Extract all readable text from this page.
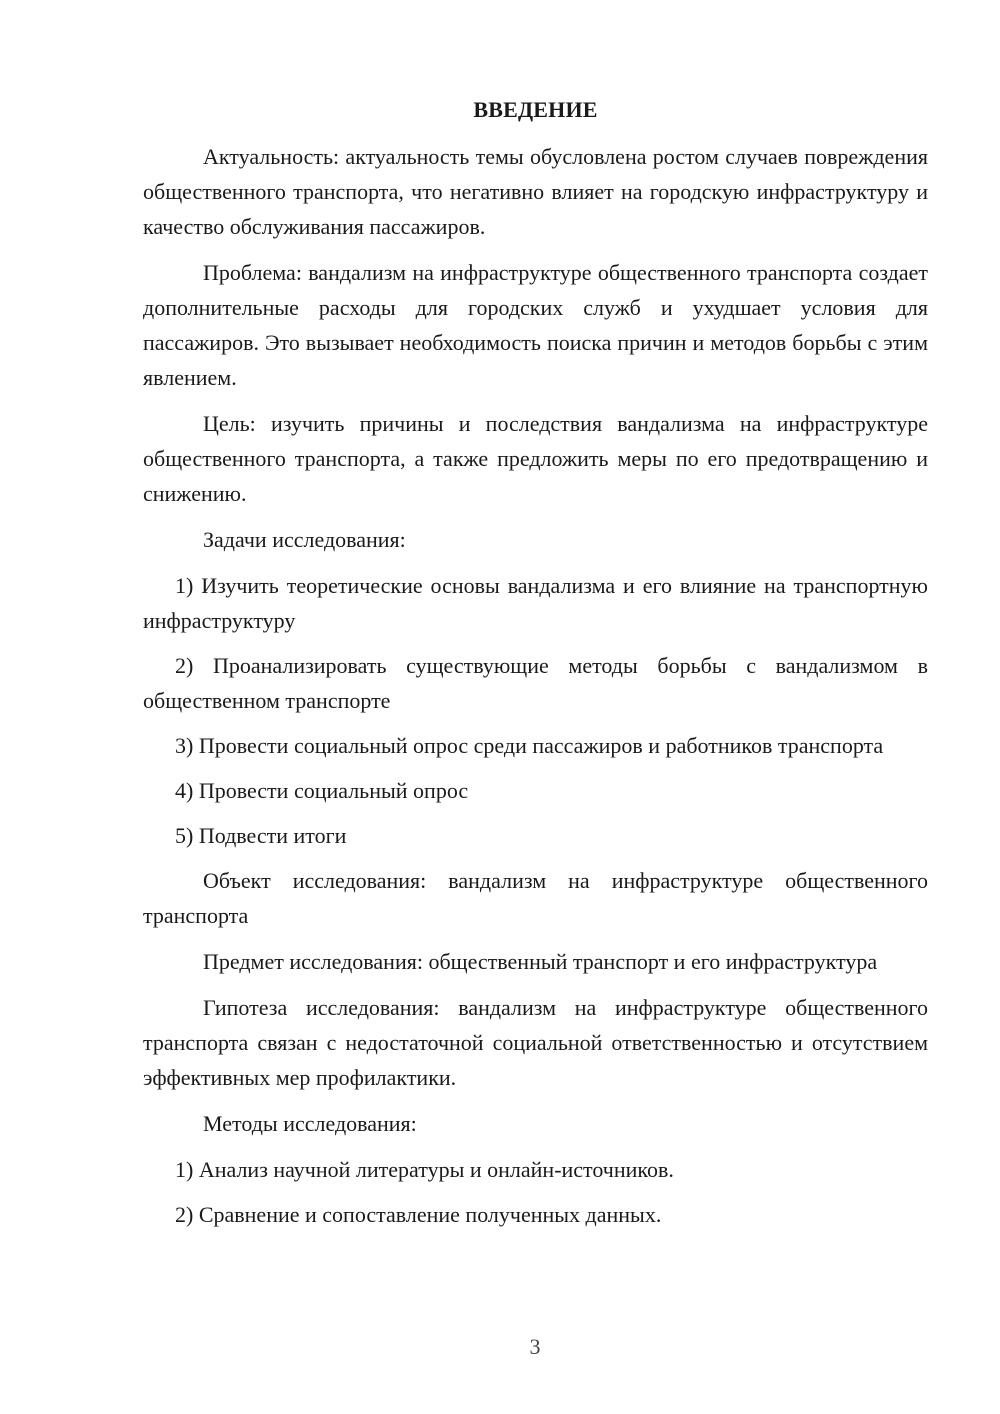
ВВЕДЕНИЕ

Актуальность: актуальность темы обусловлена ростом случаев повреждения общественного транспорта, что негативно влияет на городскую инфраструктуру и качество обслуживания пассажиров.

Проблема: вандализм на инфраструктуре общественного транспорта создает дополнительные расходы для городских служб и ухудшает условия для пассажиров. Это вызывает необходимость поиска причин и методов борьбы с этим явлением.

Цель: изучить причины и последствия вандализма на инфраструктуре общественного транспорта, а также предложить меры по его предотвращению и снижению.

Задачи исследования:

1) Изучить теоретические основы вандализма и его влияние на транспортную инфраструктуру

2) Проанализировать существующие методы борьбы с вандализмом в общественном транспорте

3) Провести социальный опрос среди пассажиров и работников транспорта

4) Провести социальный опрос

5) Подвести итоги

Объект исследования: вандализм на инфраструктуре общественного транспорта

Предмет исследования: общественный транспорт и его инфраструктура

Гипотеза исследования: вандализм на инфраструктуре общественного транспорта связан с недостаточной социальной ответственностью и отсутствием эффективных мер профилактики.

Методы исследования:

1) Анализ научной литературы и онлайн-источников.

2) Сравнение и сопоставление полученных данных.

3
